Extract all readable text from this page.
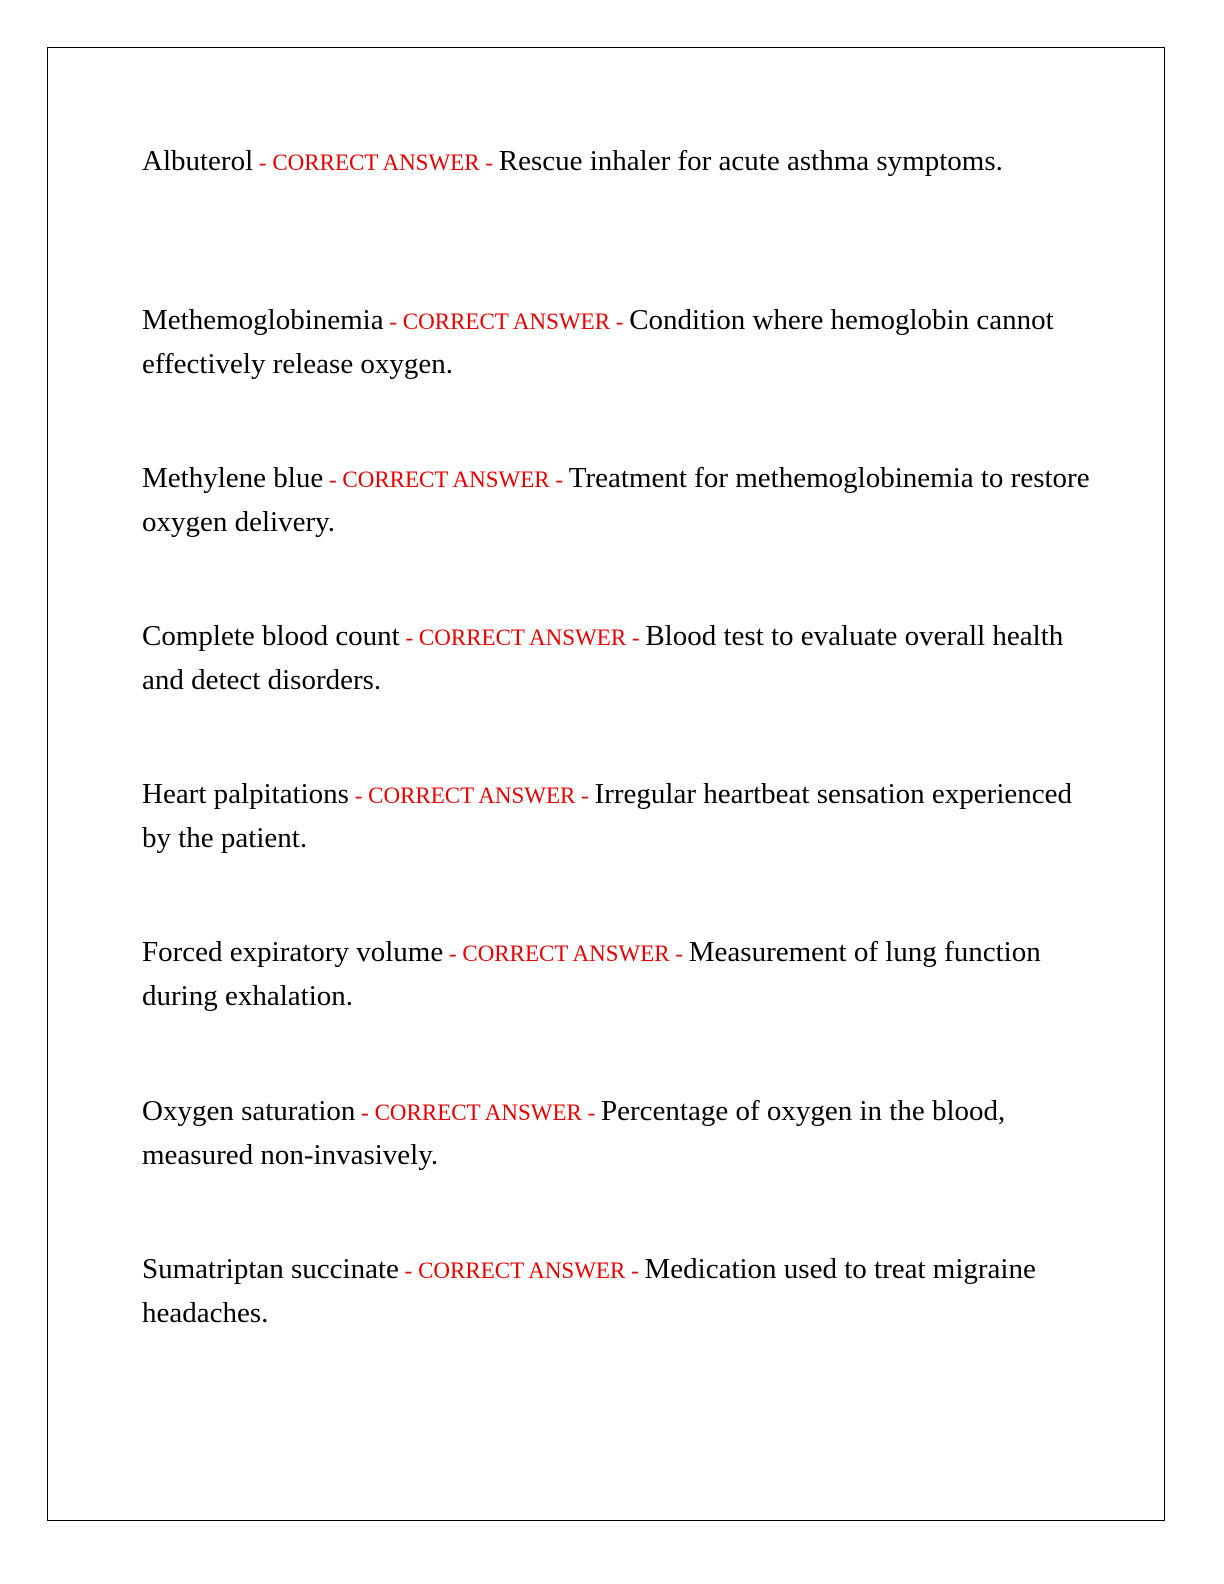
Albuterol - CORRECT ANSWER - Rescue inhaler for acute asthma symptoms.

Methemoglobinemia - CORRECT ANSWER - Condition where hemoglobin cannot effectively release oxygen.

Methylene blue - CORRECT ANSWER - Treatment for methemoglobinemia to restore oxygen delivery.

Complete blood count - CORRECT ANSWER - Blood test to evaluate overall health and detect disorders.

Heart palpitations - CORRECT ANSWER - Irregular heartbeat sensation experienced by the patient.

Forced expiratory volume - CORRECT ANSWER - Measurement of lung function during exhalation.

Oxygen saturation - CORRECT ANSWER - Percentage of oxygen in the blood, measured non-invasively.

Sumatriptan succinate - CORRECT ANSWER - Medication used to treat migraine headaches.
